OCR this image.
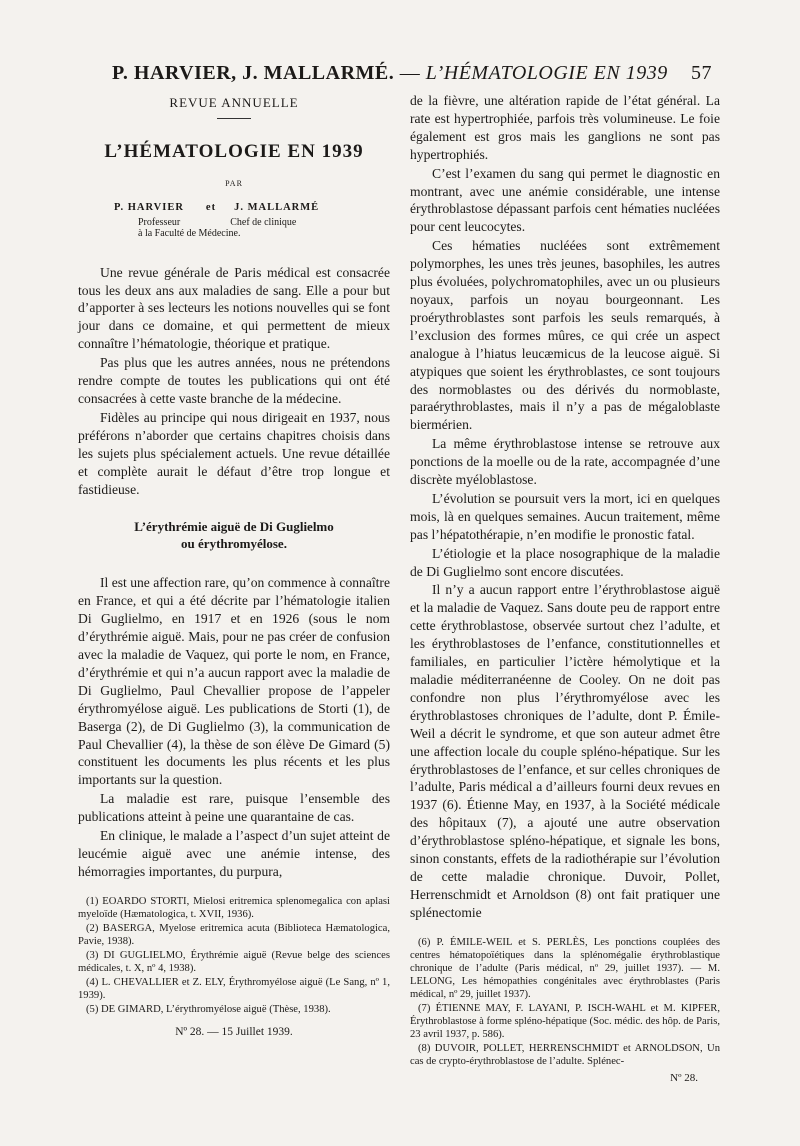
P. HARVIER, J. MALLARMÉ. — L’HÉMATOLOGIE EN 1939 57
REVUE ANNUELLE
L’HÉMATOLOGIE EN 1939
PAR
P. HARVIER et J. MALLARMÉ
Professeur	Chef de clinique
à la Faculté de Médecine.

Une revue générale de Paris médical est consacrée tous les deux ans aux maladies de sang. Elle a pour but d’apporter à ses lecteurs les notions nouvelles qui se font jour dans ce domaine, et qui permettent de mieux connaître l’hématologie, théorique et pratique.

Pas plus que les autres années, nous ne prétendons rendre compte de toutes les publications qui ont été consacrées à cette vaste branche de la médecine.

Fidèles au principe qui nous dirigeait en 1937, nous préférons n’aborder que certains chapitres choisis dans les sujets plus spécialement actuels. Une revue détaillée et complète aurait le défaut d’être trop longue et fastidieuse.

L’érythrémie aiguë de Di Guglielmo
ou érythromyélose.

Il est une affection rare, qu’on commence à connaître en France, et qui a été décrite par l’hématologie italien Di Guglielmo, en 1917 et en 1926 (sous le nom d’érythrémie aiguë. Mais, pour ne pas créer de confusion avec la maladie de Vaquez, qui porte le nom, en France, d’érythrémie et qui n’a aucun rapport avec la maladie de Di Guglielmo, Paul Chevallier propose de l’appeler érythromyélose aiguë. Les publications de Storti (1), de Baserga (2), de Di Guglielmo (3), la communication de Paul Chevallier (4), la thèse de son élève De Gimard (5) constituent les documents les plus récents et les plus importants sur la question.

La maladie est rare, puisque l’ensemble des publications atteint à peine une quarantaine de cas.

En clinique, le malade a l’aspect d’un sujet atteint de leucémie aiguë avec une anémie intense, des hémorragies importantes, du purpura,

(1) EOARDO STORTI, Mielosi eritremica splenomegalica con aplasi myeloïde (Hæmatologica, t. XVII, 1936).
(2) BASERGA, Myelose eritremica acuta (Biblioteca Hæmatologica, Pavie, 1938).
(3) DI GUGLIELMO, Érythrémie aiguë (Revue belge des sciences médicales, t. X, nº 4, 1938).
(4) L. CHEVALLIER et Z. ELY, Érythromyélose aiguë (Le Sang, nº 1, 1939).
(5) DE GIMARD, L’érythromyélose aiguë (Thèse, 1938).
Nº 28. — 15 Juillet 1939.

de la fièvre, une altération rapide de l’état général. La rate est hypertrophiée, parfois très volumineuse. Le foie également est gros mais les ganglions ne sont pas hypertrophiés.

C’est l’examen du sang qui permet le diagnostic en montrant, avec une anémie considérable, une intense érythroblastose dépassant parfois cent hématies nucléées pour cent leucocytes.

Ces hématies nucléées sont extrêmement polymorphes, les unes très jeunes, basophiles, les autres plus évoluées, polychromatophiles, avec un ou plusieurs noyaux, parfois un noyau bourgeonnant. Les proérythroblastes sont parfois les seuls remarqués, à l’exclusion des formes mûres, ce qui crée un aspect analogue à l’hiatus leucæmicus de la leucose aiguë. Si atypiques que soient les érythroblastes, ce sont toujours des normoblastes ou des dérivés du normoblaste, paraérythroblastes, mais il n’y a pas de mégaloblaste biermérien.

La même érythroblastose intense se retrouve aux ponctions de la moelle ou de la rate, accompagnée d’une discrète myéloblastose.

L’évolution se poursuit vers la mort, ici en quelques mois, là en quelques semaines. Aucun traitement, même pas l’hépatothérapie, n’en modifie le pronostic fatal.

L’étiologie et la place nosographique de la maladie de Di Guglielmo sont encore discutées.

Il n’y a aucun rapport entre l’érythroblastose aiguë et la maladie de Vaquez. Sans doute peu de rapport entre cette érythroblastose, observée surtout chez l’adulte, et les érythroblastoses de l’enfance, constitutionnelles et familiales, en particulier l’ictère hémolytique et la maladie méditerranéenne de Cooley. On ne doit pas confondre non plus l’érythromyélose avec les érythroblastoses chroniques de l’adulte, dont P. Émile-Weil a décrit le syndrome, et que son auteur admet être une affection locale du couple spléno-hépatique. Sur les érythroblastoses de l’enfance, et sur celles chroniques de l’adulte, Paris médical a d’ailleurs fourni deux revues en 1937 (6). Étienne May, en 1937, à la Société médicale des hôpitaux (7), a ajouté une autre observation d’érythroblastose spléno-hépatique, et signale les bons, sinon constants, effets de la radiothérapie sur l’évolution de cette maladie chronique. Duvoir, Pollet, Herrenschmidt et Arnoldson (8) ont fait pratiquer une splénectomie

(6) P. ÉMILE-WEIL et S. PERLÈS, Les ponctions couplées des centres hématopoïétiques dans la splénomégalie érythroblastique chronique de l’adulte (Paris médical, nº 29, juillet 1937). — M. LELONG, Les hémopathies congénitales avec érythroblastes (Paris médical, nº 29, juillet 1937).
(7) ÉTIENNE MAY, F. LAYANI, P. ISCH-WAHL et M. KIPFER, Érythroblastose à forme spléno-hépatique (Soc. médic. des hôp. de Paris, 23 avril 1937, p. 586).
(8) DUVOIR, POLLET, HERRENSCHMIDT et ARNOLDSON, Un cas de crypto-érythroblastose de l’adulte. Splénec-
Nº 28.
